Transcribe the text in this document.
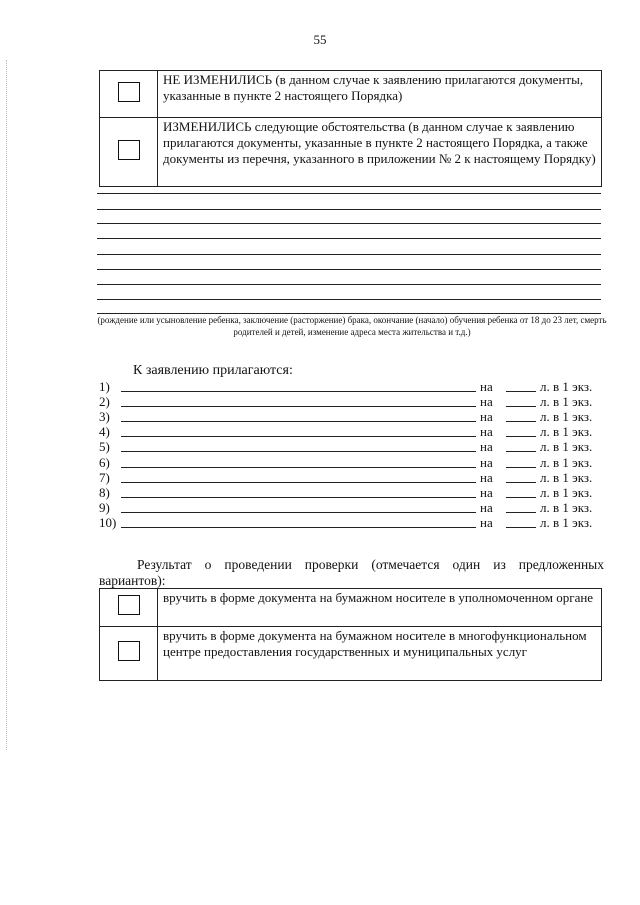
55
	НЕ ИЗМЕНИЛИСЬ (в данном случае к заявлению прилагаются документы, указанные в пункте 2 настоящего Порядка)
	ИЗМЕНИЛИСЬ следующие обстоятельства (в данном случае к заявлению прилагаются документы, указанные в пункте 2 настоящего Порядка, а также документы из перечня, указанного в приложении № 2 к настоящему Порядку)
(рождение или усыновление ребенка, заключение (расторжение) брака, окончание (начало) обучения ребенка от 18 до 23 лет, смерть родителей и детей, изменение адреса места жительства и т.д.)
К заявлению прилагаются:
1)	на	л. в 1 экз.
2)	на	л. в 1 экз.
3)	на	л. в 1 экз.
4)	на	л. в 1 экз.
5)	на	л. в 1 экз.
6)	на	л. в 1 экз.
7)	на	л. в 1 экз.
8)	на	л. в 1 экз.
9)	на	л. в 1 экз.
10)	на	л. в 1 экз.
Результат о проведении проверки (отмечается один из предложенных вариантов):
	вручить в форме документа на бумажном носителе в уполномоченном органе
	вручить в форме документа на бумажном носителе в многофункциональном центре предоставления государственных и муниципальных услуг
